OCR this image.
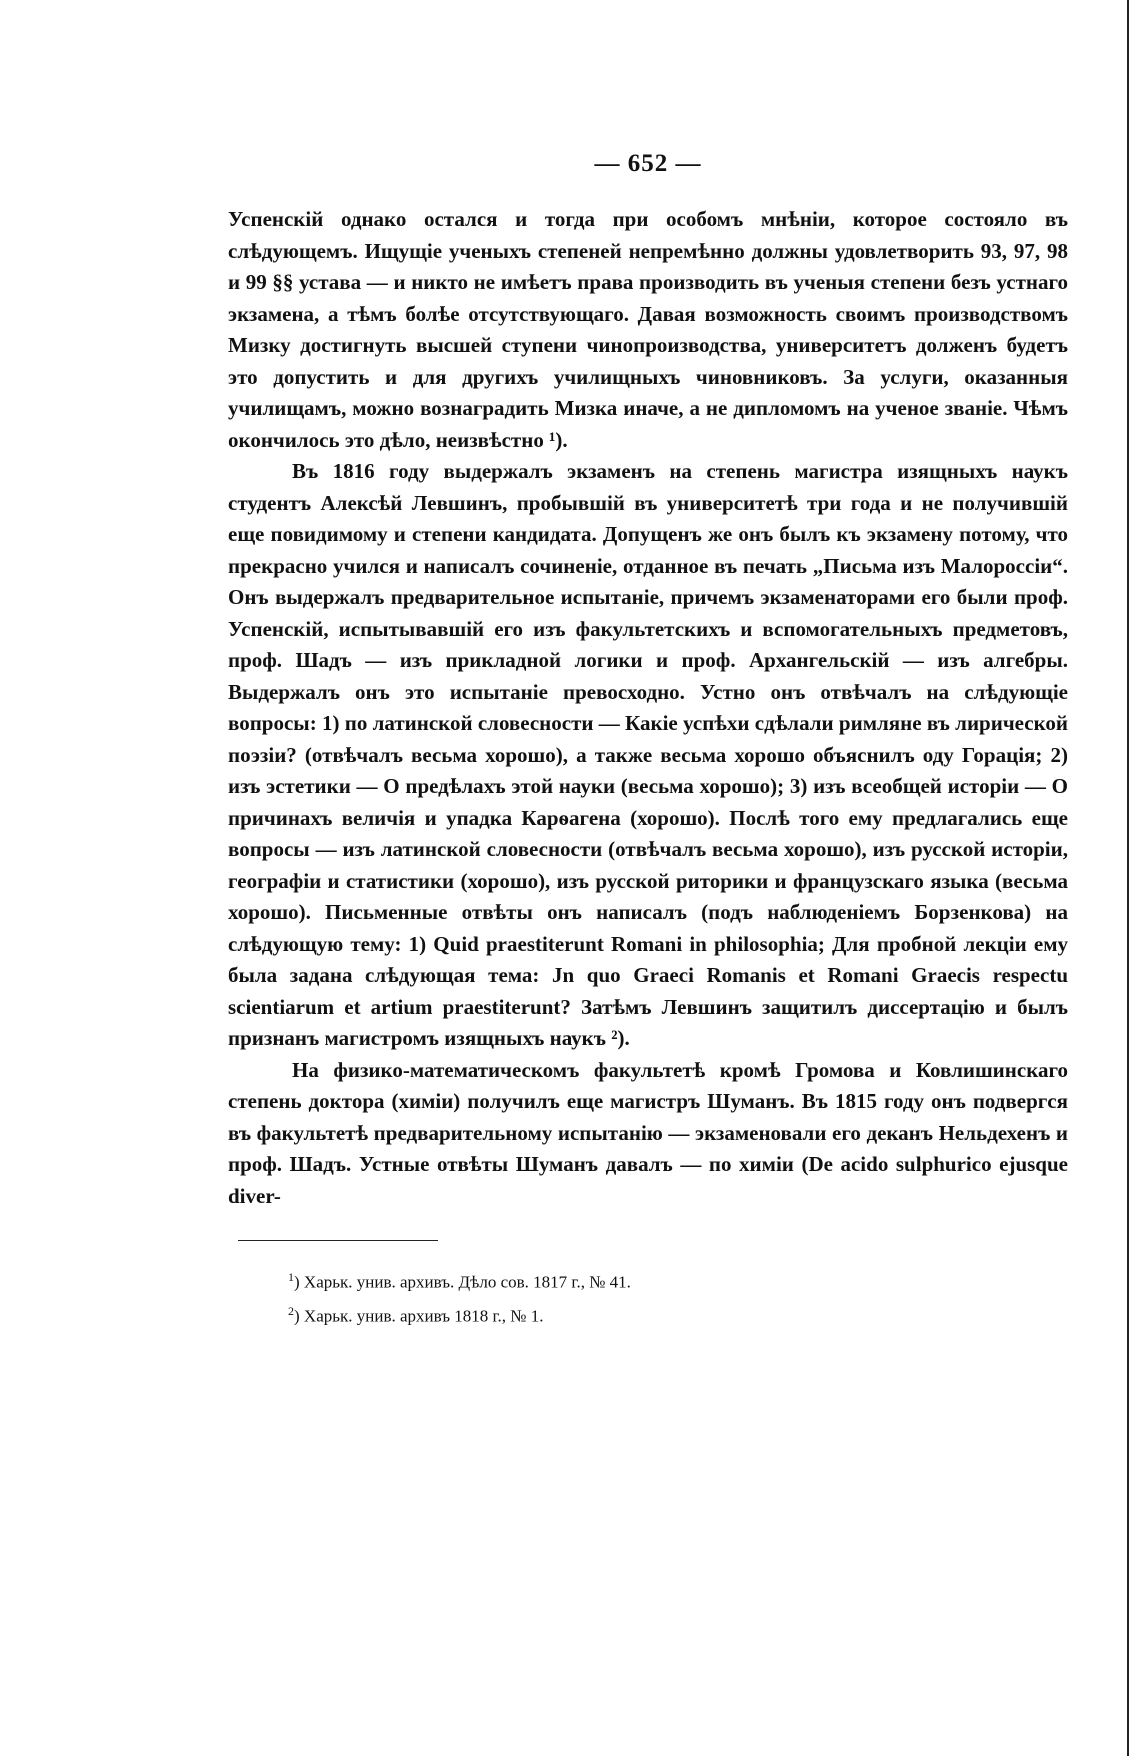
— 652 —

Успенскій однако остался и тогда при особомъ мнѣніи, которое состояло въ слѣдующемъ. Ищущіе ученыхъ степеней непремѣнно должны удовлетворить 93, 97, 98 и 99 §§ устава — и никто не имѣетъ права производить въ ученыя степени безъ устнаго экзамена, а тѣмъ болѣе отсутствующаго. Давая возможность своимъ производствомъ Мизку достигнуть высшей ступени чинопроизводства, университетъ долженъ будетъ это допустить и для другихъ училищныхъ чиновниковъ. За услуги, оказанныя училищамъ, можно вознаградить Мизка иначе, а не дипломомъ на ученое званіе. Чѣмъ окончилось это дѣло, неизвѣстно ¹).

Въ 1816 году выдержалъ экзаменъ на степень магистра изящныхъ наукъ студентъ Алексѣй Левшинъ, пробывшій въ университетѣ три года и не получившій еще повидимому и степени кандидата. Допущенъ же онъ былъ къ экзамену потому, что прекрасно учился и написалъ сочиненіе, отданное въ печать „Письма изъ Малороссіи“. Онъ выдержалъ предварительное испытаніе, причемъ экзаменаторами его были проф. Успенскій, испытывавшій его изъ факультетскихъ и вспомогательныхъ предметовъ, проф. Шадъ — изъ прикладной логики и проф. Архангельскій — изъ алгебры. Выдержалъ онъ это испытаніе превосходно. Устно онъ отвѣчалъ на слѣдующіе вопросы: 1) по латинской словесности — Какіе успѣхи сдѣлали римляне въ лирической поэзіи? (отвѣчалъ весьма хорошо), а также весьма хорошо объяснилъ оду Горація; 2) изъ эстетики — О предѣлахъ этой науки (весьма хорошо); 3) изъ всеобщей исторіи — О причинахъ величія и упадка Карѳагена (хорошо). Послѣ того ему предлагались еще вопросы — изъ латинской словесности (отвѣчалъ весьма хорошо), изъ русской исторіи, географіи и статистики (хорошо), изъ русской риторики и французскаго языка (весьма хорошо). Письменные отвѣты онъ написалъ (подъ наблюденіемъ Борзенкова) на слѣдующую тему: 1) Quid praestiterunt Romani in philosophia; Для пробной лекціи ему была задана слѣдующая тема: Jn quo Graeci Romanis et Romani Graecis respectu scientiarum et artium praestiterunt? Затѣмъ Левшинъ защитилъ диссертацію и былъ признанъ магистромъ изящныхъ наукъ ²).

На физико-математическомъ факультетѣ кромѣ Громова и Ковлишинскаго степень доктора (химіи) получилъ еще магистръ Шуманъ. Въ 1815 году онъ подвергся въ факультетѣ предварительному испытанію — экзаменовали его деканъ Нельдехенъ и проф. Шадъ. Устные отвѣты Шуманъ давалъ — по химіи (De acido sulphurico ejusque diver-

$^1$) Харьк. унив. архивъ. Дѣло сов. 1817 г., № 41.
$^2$) Харьк. унив. архивъ 1818 г., № 1.
